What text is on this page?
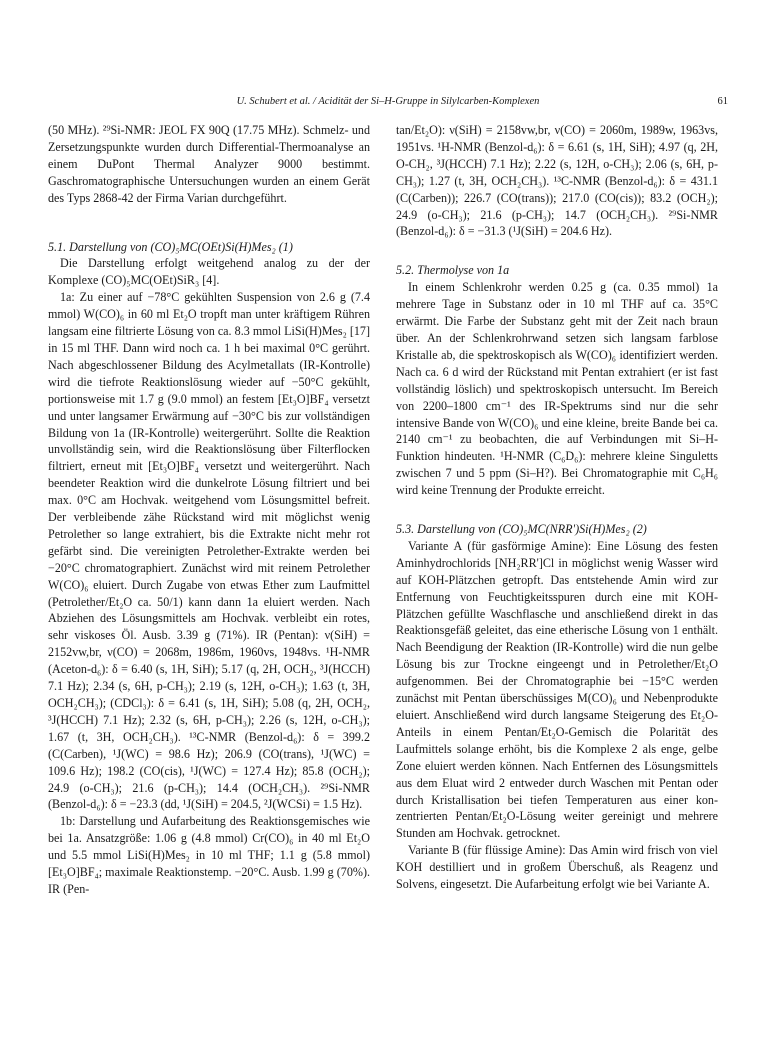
U. Schubert et al. / Acidität der Si–H-Gruppe in Silylcarben-Komplexen	61

(50 MHz). ²⁹Si-NMR: JEOL FX 90Q (17.75 MHz). Schmelz- und Zersetzungspunkte wurden durch Differential-Thermoanalyse an einem DuPont Thermal Analyzer 9000 bestimmt. Gaschromatographische Untersuchungen wurden an einem Gerät des Typs 2868-42 der Firma Varian durchgeführt.

5.1. Darstellung von (CO)₅MC(OEt)Si(H)Mes₂ (1)

Die Darstellung erfolgt weitgehend analog zu der der Komplexe (CO)₅MC(OEt)SiR₃ [4].

1a: Zu einer auf −78°C gekühlten Suspension von 2.6 g (7.4 mmol) W(CO)₆ in 60 ml Et₂O tropft man unter kräftigem Rühren langsam eine filtrierte Lösung von ca. 8.3 mmol LiSi(H)Mes₂ [17] in 15 ml THF. Dann wird noch ca. 1 h bei maximal 0°C gerührt. Nach abgeschlossener Bildung des Acylmetallats (IR-Kontrolle) wird die tiefrote Reaktionslösung wieder auf −50°C gekühlt, portionsweise mit 1.7 g (9.0 mmol) an festem [Et₃O]BF₄ versetzt und unter langsamer Erwärmung auf −30°C bis zur vollständigen Bildung von 1a (IR-Kontrolle) weitergerührt. Sollte die Reaktion unvollständig sein, wird die Reaktionslösung über Filterflocken filtriert, erneut mit [Et₃O]BF₄ versetzt und weitergerührt. Nach beendeter Reaktion wird die dunkelrote Lösung filtriert und bei max. 0°C am Hochvak. weitgehend vom Lösungsmittel befreit. Der verbleibende zähe Rückstand wird mit möglichst wenig Petrolether so lange extrahiert, bis die Extrakte nicht mehr rot gefärbt sind. Die vereinigten Petrolether-Extrakte werden bei −20°C chromatographiert. Zunächst wird mit reinem Petrolether W(CO)₆ eluiert. Durch Zugabe von etwas Ether zum Laufmittel (Petrolether/Et₂O ca. 50/1) kann dann 1a eluiert werden. Nach Abziehen des Lösungsmittels am Hochvak. verbleibt ein rotes, sehr viskoses Öl. Ausb. 3.39 g (71%). IR (Pentan): ν(SiH) = 2152vw,br, ν(CO) = 2068m, 1986m, 1960vs, 1948vs. ¹H-NMR (Aceton-d₆): δ = 6.40 (s, 1H, SiH); 5.17 (q, 2H, OCH₂, ³J(HCCH) 7.1 Hz); 2.34 (s, 6H, p-CH₃); 2.19 (s, 12H, o-CH₃); 1.63 (t, 3H, OCH₂CH₃); (CDCl₃): δ = 6.41 (s, 1H, SiH); 5.08 (q, 2H, OCH₂, ³J(HCCH) 7.1 Hz); 2.32 (s, 6H, p-CH₃); 2.26 (s, 12H, o-CH₃); 1.67 (t, 3H, OCH₂CH₃). ¹³C-NMR (Benzol-d₆): δ = 399.2 (C(Carben), ¹J(WC) = 98.6 Hz); 206.9 (CO(trans), ¹J(WC) = 109.6 Hz); 198.2 (CO(cis), ¹J(WC) = 127.4 Hz); 85.8 (OCH₂); 24.9 (o-CH₃); 21.6 (p-CH₃); 14.4 (OCH₂CH₃). ²⁹Si-NMR (Benzol-d₆): δ = −23.3 (dd, ¹J(SiH) = 204.5, ²J(WCSi) = 1.5 Hz).

1b: Darstellung und Aufarbeitung des Reaktionsgemisches wie bei 1a. Ansatzgröße: 1.06 g (4.8 mmol) Cr(CO)₆ in 40 ml Et₂O und 5.5 mmol LiSi(H)Mes₂ in 10 ml THF; 1.1 g (5.8 mmol) [Et₃O]BF₄; maximale Reaktionstemp. −20°C. Ausb. 1.99 g (70%). IR (Pen-

tan/Et₂O): ν(SiH) = 2158vw,br, ν(CO) = 2060m, 1989w, 1963vs, 1951vs. ¹H-NMR (Benzol-d₆): δ = 6.61 (s, 1H, SiH); 4.97 (q, 2H, O-CH₂, ³J(HCCH) 7.1 Hz); 2.22 (s, 12H, o-CH₃); 2.06 (s, 6H, p-CH₃); 1.27 (t, 3H, OCH₂CH₃). ¹³C-NMR (Benzol-d₆): δ = 431.1 (C(Carben)); 226.7 (CO(trans)); 217.0 (CO(cis)); 83.2 (OCH₂); 24.9 (o-CH₃); 21.6 (p-CH₃); 14.7 (OCH₂CH₃). ²⁹Si-NMR (Benzol-d₆): δ = −31.3 (¹J(SiH) = 204.6 Hz).

5.2. Thermolyse von 1a

In einem Schlenkrohr werden 0.25 g (ca. 0.35 mmol) 1a mehrere Tage in Substanz oder in 10 ml THF auf ca. 35°C erwärmt. Die Farbe der Substanz geht mit der Zeit nach braun über. An der Schlenkrohrwand setzen sich langsam farblose Kristalle ab, die spektroskopisch als W(CO)₆ identifiziert werden. Nach ca. 6 d wird der Rückstand mit Pentan extrahiert (er ist fast vollständig löslich) und spektroskopisch untersucht. Im Bereich von 2200–1800 cm⁻¹ des IR-Spektrums sind nur die sehr intensive Bande von W(CO)₆ und eine kleine, breite Bande bei ca. 2140 cm⁻¹ zu beobachten, die auf Verbindungen mit Si–H-Funktion hindeuten. ¹H-NMR (C₆D₆): mehrere kleine Singuletts zwischen 7 und 5 ppm (Si–H?). Bei Chromatographie mit C₆H₆ wird keine Trennung der Produkte erreicht.

5.3. Darstellung von (CO)₅MC(NRR')Si(H)Mes₂ (2)

Variante A (für gasförmige Amine): Eine Lösung des festen Aminhydrochlorids [NH₂RR']Cl in möglichst wenig Wasser wird auf KOH-Plätzchen getropft. Das entstehende Amin wird zur Entfernung von Feuchtigkeitsspuren durch eine mit KOH-Plätzchen gefüllte Waschflasche und anschließend direkt in das Reaktionsgefäß geleitet, das eine etherische Lösung von 1 enthält. Nach Beendigung der Reaktion (IR-Kontrolle) wird die nun gelbe Lösung bis zur Trockne eingeengt und in Petrolether/Et₂O aufgenommen. Bei der Chromatographie bei −15°C werden zunächst mit Pentan überschüssiges M(CO)₆ und Nebenprodukte eluiert. Anschließend wird durch langsame Steigerung des Et₂O-Anteils in einem Pentan/Et₂O-Gemisch die Polarität des Laufmittels solange erhöht, bis die Komplexe 2 als enge, gelbe Zone eluiert werden können. Nach Entfernen des Lösungsmittels aus dem Eluat wird 2 entweder durch Waschen mit Pentan oder durch Kristallisation bei tiefen Temperaturen aus einer konzentrierten Pentan/Et₂O-Lösung weiter gereinigt und mehrere Stunden am Hochvak. getrocknet.

Variante B (für flüssige Amine): Das Amin wird frisch von viel KOH destilliert und in großem Überschuß, als Reagenz und Solvens, eingesetzt. Die Aufarbeitung erfolgt wie bei Variante A.
